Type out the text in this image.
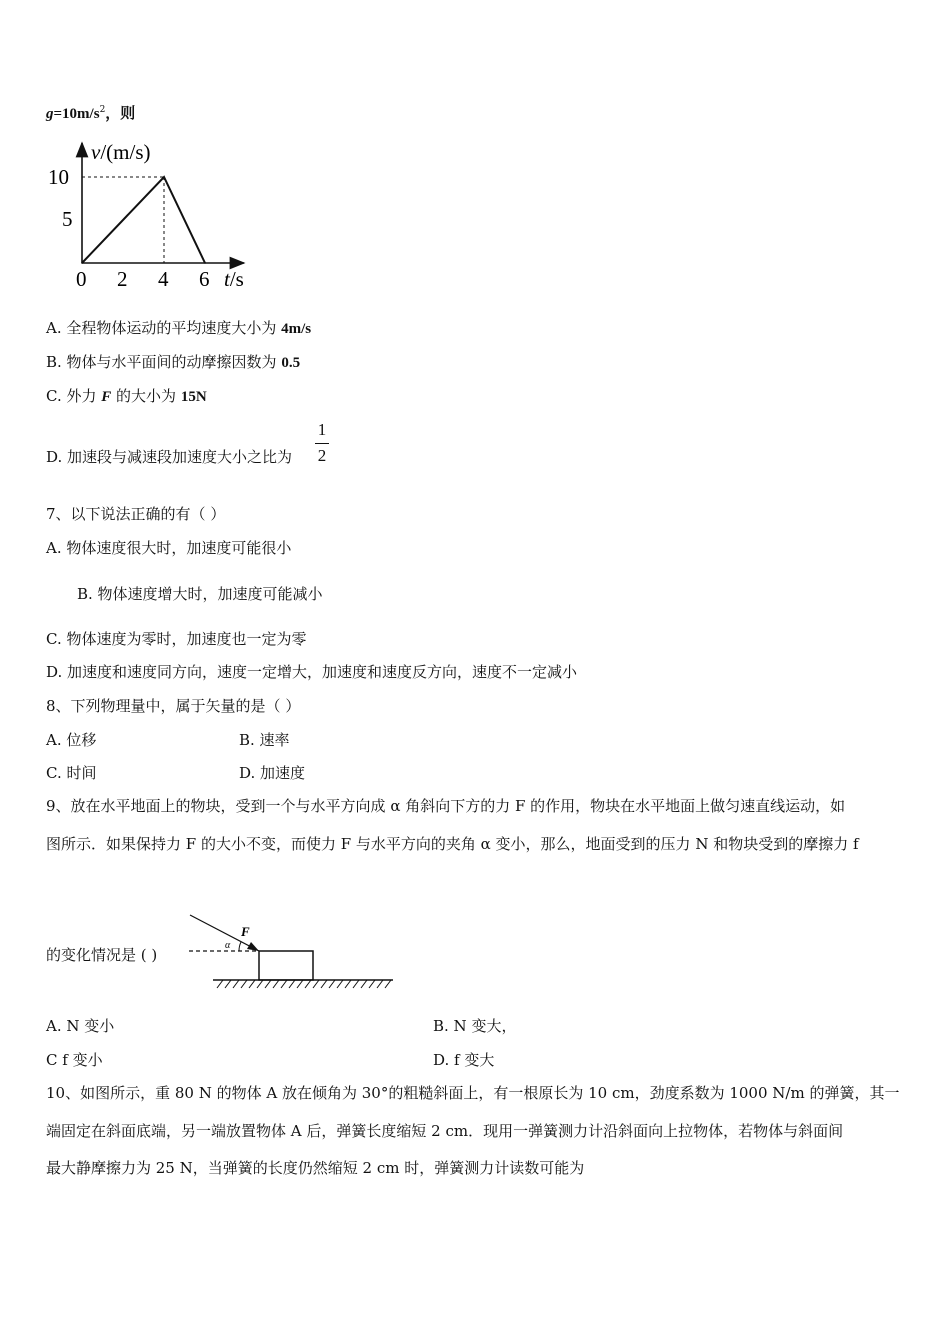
$g=10m/s^2$，则
v/(m/s)
t/s
10
5
0 2 4 6
A. 全程物体运动的平均速度大小为 4m/s
B. 物体与水平面间的动摩擦因数为 0.5
C. 外力 F 的大小为 15N
D. 加速段与减速段加速度大小之比为
1
2
7、以下说法正确的有（ ）
A. 物体速度很大时，加速度可能很小
B. 物体速度增大时，加速度可能减小
C. 物体速度为零时，加速度也一定为零
D. 加速度和速度同方向，速度一定增大，加速度和速度反方向，速度不一定减小
8、下列物理量中，属于矢量的是（ ）
A. 位移	B. 速率
C. 时间	D. 加速度
9、放在水平地面上的物块，受到一个与水平方向成 α 角斜向下方的力 F 的作用，物块在水平地面上做匀速直线运动，如
图所示．如果保持力 F 的大小不变，而使力 F 与水平方向的夹角 α 变小，那么，地面受到的压力 N 和物块受到的摩擦力 f
的变化情况是 ( )
F
α
A. N 变小	B. N 变大，
C f 变小	D. f 变大
10、如图所示，重 80 N 的物体 A 放在倾角为 30°的粗糙斜面上，有一根原长为 10 cm，劲度系数为 1000 N/m 的弹簧，其一
端固定在斜面底端，另一端放置物体 A 后，弹簧长度缩短 2 cm．现用一弹簧测力计沿斜面向上拉物体，若物体与斜面间
最大静摩擦力为 25 N，当弹簧的长度仍然缩短 2 cm 时，弹簧测力计读数可能为
